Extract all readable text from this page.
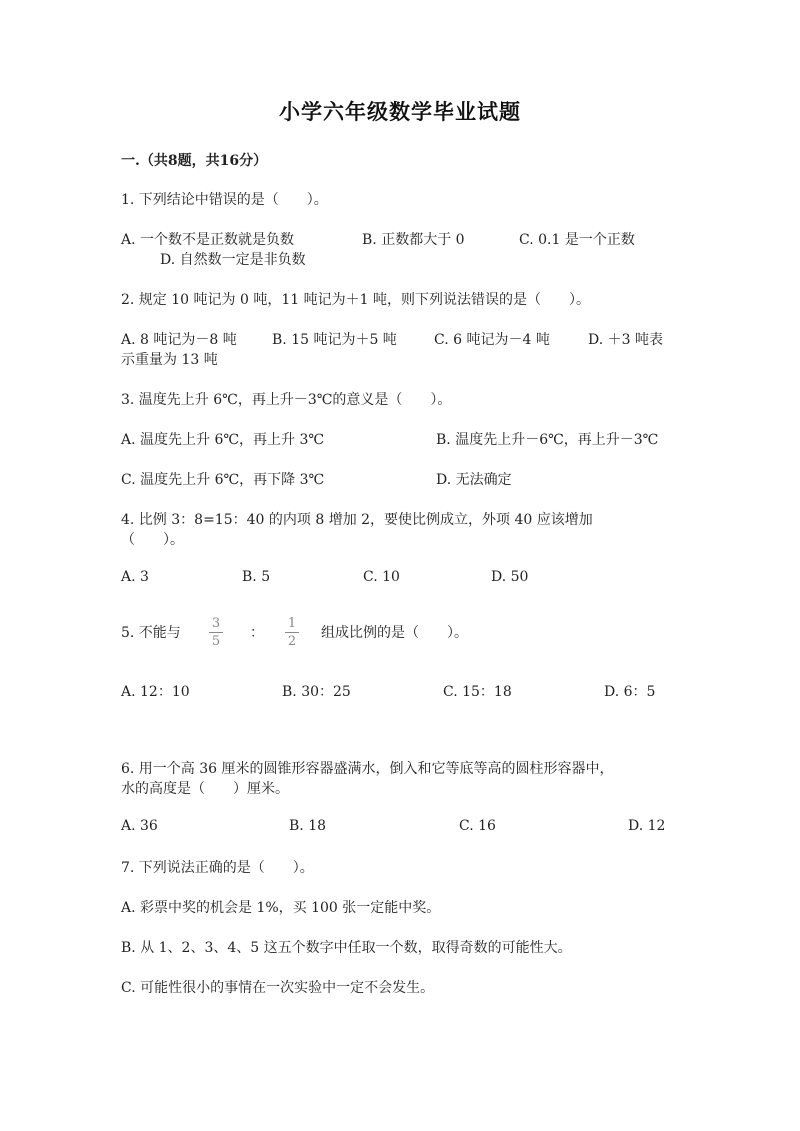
小学六年级数学毕业试题
一.（共8题，共16分）
1. 下列结论中错误的是（　　）。
A. 一个数不是正数就是负数	B. 正数都大于 0	C. 0.1 是一个正数
D. 自然数一定是非负数
2. 规定 10 吨记为 0 吨，11 吨记为＋1 吨，则下列说法错误的是（　　）。
A. 8 吨记为－8 吨	B. 15 吨记为＋5 吨	C. 6 吨记为－4 吨	D. ＋3 吨表
示重量为 13 吨
3. 温度先上升 6℃，再上升－3℃的意义是（　　）。
A. 温度先上升 6℃，再上升 3℃	B. 温度先上升－6℃，再上升－3℃
C. 温度先上升 6℃，再下降 3℃	D. 无法确定
4. 比例 3：8=15：40 的内项 8 增加 2，要使比例成立，外项 40 应该增加
（　　）。
A. 3	B. 5	C. 10	D. 50
5. 不能与
3
5
：
1
2
组成比例的是（　　）。
A. 12：10	B. 30：25	C. 15：18	D. 6：5
6. 用一个高 36 厘米的圆锥形容器盛满水，倒入和它等底等高的圆柱形容器中，
水的高度是（　　）厘米。
A. 36	B. 18	C. 16	D. 12
7. 下列说法正确的是（　　）。
A. 彩票中奖的机会是 1%，买 100 张一定能中奖。
B. 从 1、2、3、4、5 这五个数字中任取一个数，取得奇数的可能性大。
C. 可能性很小的事情在一次实验中一定不会发生。
